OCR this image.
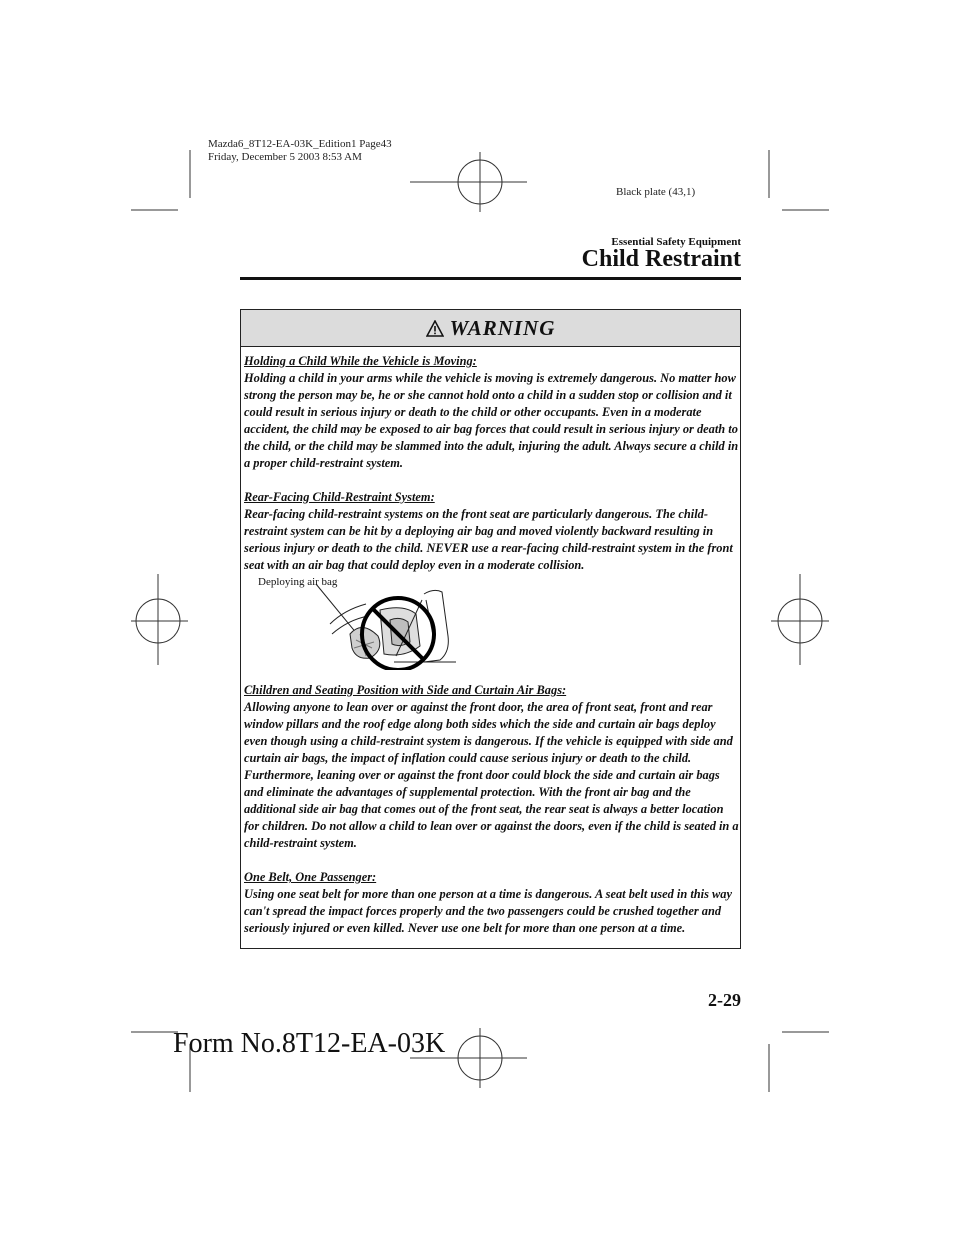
Mazda6_8T12-EA-03K_Edition1 Page43
Friday, December 5 2003 8:53 AM
Black plate (43,1)
Essential Safety Equipment
Child Restraint
WARNING

Holding a Child While the Vehicle is Moving:

Holding a child in your arms while the vehicle is moving is extremely dangerous. No matter how strong the person may be, he or she cannot hold onto a child in a sudden stop or collision and it could result in serious injury or death to the child or other occupants. Even in a moderate accident, the child may be exposed to air bag forces that could result in serious injury or death to the child, or the child may be slammed into the adult, injuring the adult. Always secure a child in a proper child-restraint system.

Rear-Facing Child-Restraint System:

Rear-facing child-restraint systems on the front seat are particularly dangerous. The child-restraint system can be hit by a deploying air bag and moved violently backward resulting in serious injury or death to the child. NEVER use a rear-facing child-restraint system in the front seat with an air bag that could deploy even in a moderate collision.

Deploying air bag

Children and Seating Position with Side and Curtain Air Bags:

Allowing anyone to lean over or against the front door, the area of front seat, front and rear window pillars and the roof edge along both sides which the side and curtain air bags deploy even though using a child-restraint system is dangerous. If the vehicle is equipped with side and curtain air bags, the impact of inflation could cause serious injury or death to the child. Furthermore, leaning over or against the front door could block the side and curtain air bags and eliminate the advantages of supplemental protection. With the front air bag and the additional side air bag that comes out of the front seat, the rear seat is always a better location for children. Do not allow a child to lean over or against the doors, even if the child is seated in a child-restraint system.

One Belt, One Passenger:

Using one seat belt for more than one person at a time is dangerous. A seat belt used in this way can't spread the impact forces properly and the two passengers could be crushed together and seriously injured or even killed. Never use one belt for more than one person at a time.

2-29
Form No.8T12-EA-03K
